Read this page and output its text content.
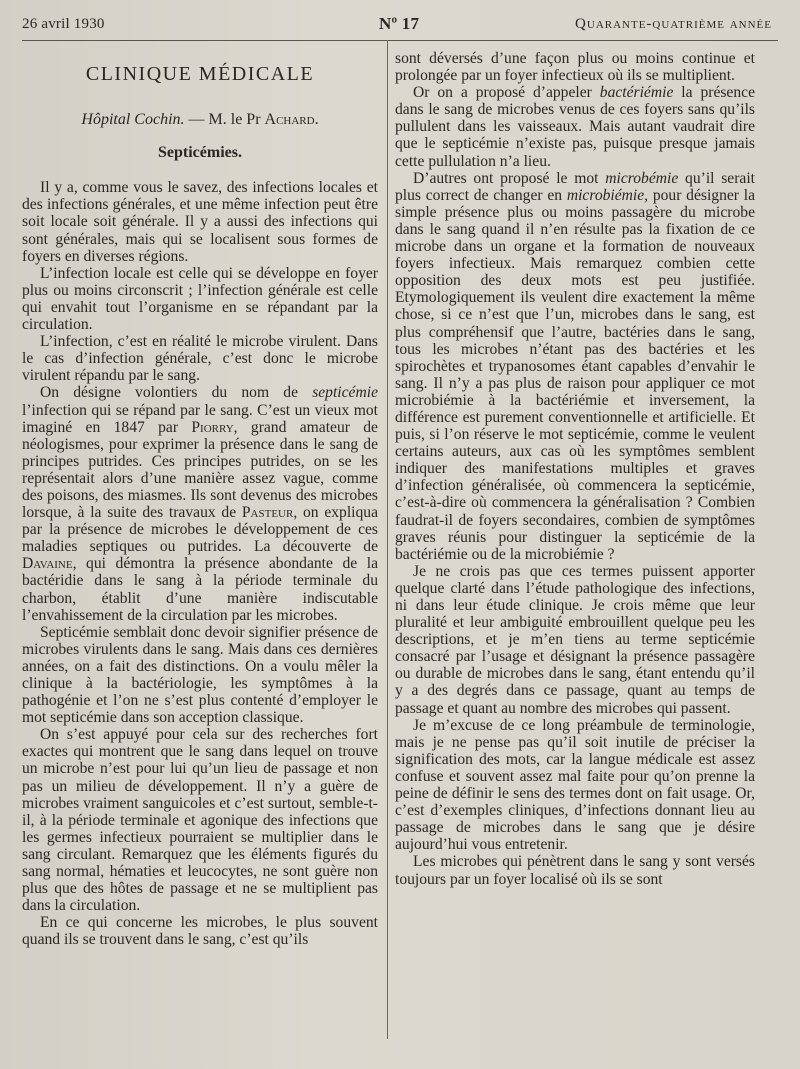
26 avril 1930	Nº 17	Quarante-quatrième année
CLINIQUE MÉDICALE
Hôpital Cochin. — M. le Pr Achard.
Septicémies.

Il y a, comme vous le savez, des infections locales et des infections générales, et une même infection peut être soit locale soit générale. Il y a aussi des infections qui sont générales, mais qui se localisent sous formes de foyers en diverses régions.

L’infection locale est celle qui se développe en foyer plus ou moins circonscrit ; l’infection générale est celle qui envahit tout l’organisme en se répandant par la circulation.

L’infection, c’est en réalité le microbe virulent. Dans le cas d’infection générale, c’est donc le microbe virulent répandu par le sang.

On désigne volontiers du nom de septicémie l’infection qui se répand par le sang. C’est un vieux mot imaginé en 1847 par Piorry, grand amateur de néologismes, pour exprimer la présence dans le sang de principes putrides. Ces principes putrides, on se les représentait alors d’une manière assez vague, comme des poisons, des miasmes. Ils sont devenus des microbes lorsque, à la suite des travaux de Pasteur, on expliqua par la présence de microbes le développement de ces maladies septiques ou putrides. La découverte de Davaine, qui démontra la présence abondante de la bactéridie dans le sang à la période terminale du charbon, établit d’une manière indiscutable l’envahissement de la circulation par les microbes.

Septicémie semblait donc devoir signifier présence de microbes virulents dans le sang. Mais dans ces dernières années, on a fait des distinctions. On a voulu mêler la clinique à la bactériologie, les symptômes à la pathogénie et l’on ne s’est plus contenté d’employer le mot septicémie dans son acception classique.

On s’est appuyé pour cela sur des recherches fort exactes qui montrent que le sang dans lequel on trouve un microbe n’est pour lui qu’un lieu de passage et non pas un milieu de développement. Il n’y a guère de microbes vraiment sanguicoles et c’est surtout, semble-t-il, à la période terminale et agonique des infections que les germes infectieux pourraient se multiplier dans le sang circulant. Remarquez que les éléments figurés du sang normal, hématies et leucocytes, ne sont guère non plus que des hôtes de passage et ne se multiplient pas dans la circulation.

En ce qui concerne les microbes, le plus souvent quand ils se trouvent dans le sang, c’est qu’ils

sont déversés d’une façon plus ou moins continue et prolongée par un foyer infectieux où ils se multiplient.

Or on a proposé d’appeler bactériémie la présence dans le sang de microbes venus de ces foyers sans qu’ils pullulent dans les vaisseaux. Mais autant vaudrait dire que le septicémie n’existe pas, puisque presque jamais cette pullulation n’a lieu.

D’autres ont proposé le mot microbémie qu’il serait plus correct de changer en microbiémie, pour désigner la simple présence plus ou moins passagère du microbe dans le sang quand il n’en résulte pas la fixation de ce microbe dans un organe et la formation de nouveaux foyers infectieux. Mais remarquez combien cette opposition des deux mots est peu justifiée. Etymologiquement ils veulent dire exactement la même chose, si ce n’est que l’un, microbes dans le sang, est plus compréhensif que l’autre, bactéries dans le sang, tous les microbes n’étant pas des bactéries et les spirochètes et trypanosomes étant capables d’envahir le sang. Il n’y a pas plus de raison pour appliquer ce mot microbiémie à la bactériémie et inversement, la différence est purement conventionnelle et artificielle. Et puis, si l’on réserve le mot septicémie, comme le veulent certains auteurs, aux cas où les symptômes semblent indiquer des manifestations multiples et graves d’infection généralisée, où commencera la septicémie, c’est-à-dire où commencera la généralisation ? Combien faudrat-il de foyers secondaires, combien de symptômes graves réunis pour distinguer la septicémie de la bactériémie ou de la microbiémie ?

Je ne crois pas que ces termes puissent apporter quelque clarté dans l’étude pathologique des infections, ni dans leur étude clinique. Je crois même que leur pluralité et leur ambiguité embrouillent quelque peu les descriptions, et je m’en tiens au terme septicémie consacré par l’usage et désignant la présence passagère ou durable de microbes dans le sang, étant entendu qu’il y a des degrés dans ce passage, quant au temps de passage et quant au nombre des microbes qui passent.

Je m’excuse de ce long préambule de terminologie, mais je ne pense pas qu’il soit inutile de préciser la signification des mots, car la langue médicale est assez confuse et souvent assez mal faite pour qu’on prenne la peine de définir le sens des termes dont on fait usage. Or, c’est d’exemples cliniques, d’infections donnant lieu au passage de microbes dans le sang que je désire aujourd’hui vous entretenir.

Les microbes qui pénètrent dans le sang y sont versés toujours par un foyer localisé où ils se sont
